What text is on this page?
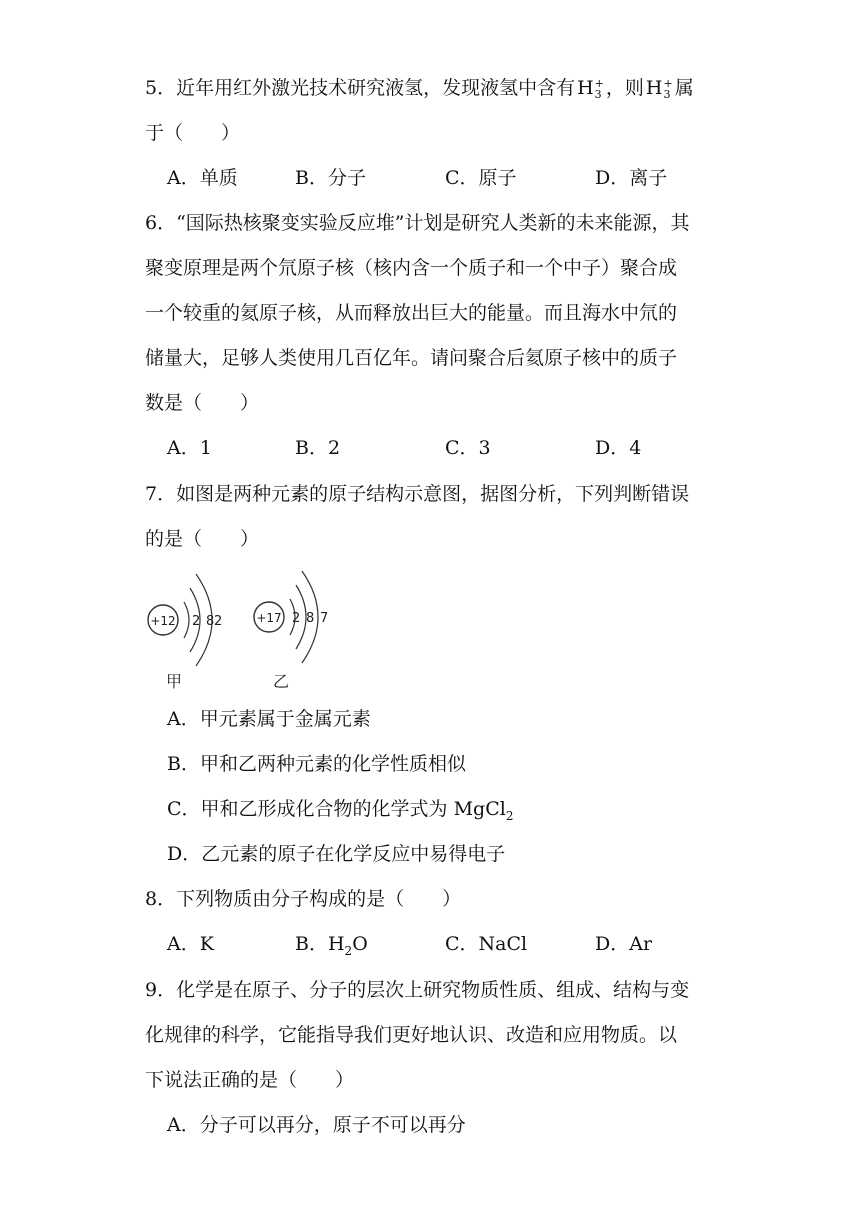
5．近年用红外激光技术研究液氢，发现液氢中含有 H +
3 ，则 H +
3 属
于（　　）
A．单质	B．分子	C．原子	D．离子
6．“国际热核聚变实验反应堆”计划是研究人类新的未来能源，其
聚变原理是两个氘原子核（核内含一个质子和一个中子）聚合成
一个较重的氦原子核，从而释放出巨大的能量。而且海水中氘的
储量大，足够人类使用几百亿年。请问聚合后氦原子核中的质子
数是（　　）
A．1	B．2	C．3	D．4
7．如图是两种元素的原子结构示意图，据图分析，下列判断错误
的是（　　）
+12 2 8 2
甲
+17 2 8 7
乙
A．甲元素属于金属元素
B．甲和乙两种元素的化学性质相似
C．甲和乙形成化合物的化学式为 MgCl$_2$
D．乙元素的原子在化学反应中易得电子
8．下列物质由分子构成的是（　　）
A．K	B．$H_2O$	C．NaCl	D．Ar
9．化学是在原子、分子的层次上研究物质性质、组成、结构与变
化规律的科学，它能指导我们更好地认识、改造和应用物质。以
下说法正确的是（　　）
A．分子可以再分，原子不可以再分
